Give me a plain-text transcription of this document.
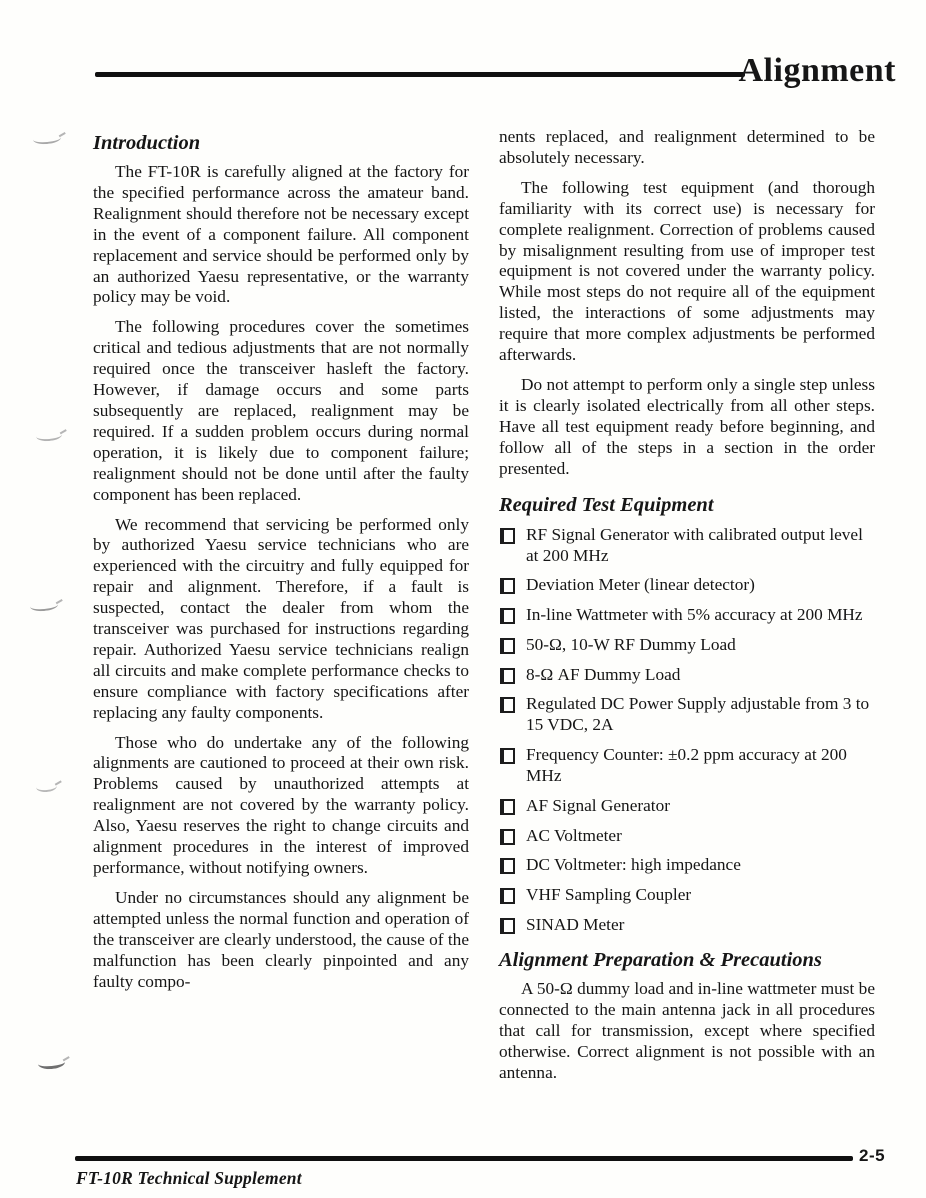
Alignment
Introduction

The FT-10R is carefully aligned at the factory for the specified performance across the amateur band. Realignment should therefore not be necessary except in the event of a component failure. All component replacement and service should be performed only by an authorized Yaesu representative, or the warranty policy may be void.

The following procedures cover the sometimes critical and tedious adjustments that are not normally required once the transceiver hasleft the factory. However, if damage occurs and some parts subsequently are replaced, realignment may be required. If a sudden problem occurs during normal operation, it is likely due to component failure; realignment should not be done until after the faulty component has been replaced.

We recommend that servicing be performed only by authorized Yaesu service technicians who are experienced with the circuitry and fully equipped for repair and alignment. Therefore, if a fault is suspected, contact the dealer from whom the transceiver was purchased for instructions regarding repair. Authorized Yaesu service technicians realign all circuits and make complete performance checks to ensure compliance with factory specifications after replacing any faulty components.

Those who do undertake any of the following alignments are cautioned to proceed at their own risk. Problems caused by unauthorized attempts at realignment are not covered by the warranty policy. Also, Yaesu reserves the right to change circuits and alignment procedures in the interest of improved performance, without notifying owners.

Under no circumstances should any alignment be attempted unless the normal function and operation of the transceiver are clearly understood, the cause of the malfunction has been clearly pinpointed and any faulty compo-

nents replaced, and realignment determined to be absolutely necessary.

The following test equipment (and thorough familiarity with its correct use) is necessary for complete realignment. Correction of problems caused by misalignment resulting from use of improper test equipment is not covered under the warranty policy. While most steps do not require all of the equipment listed, the interactions of some adjustments may require that more complex adjustments be performed afterwards.

Do not attempt to perform only a single step unless it is clearly isolated electrically from all other steps. Have all test equipment ready before beginning, and follow all of the steps in a section in the order presented.

Required Test Equipment
RF Signal Generator with calibrated output level at 200 MHz
Deviation Meter (linear detector)
In-line Wattmeter with 5% accuracy at 200 MHz
50-Ω, 10-W RF Dummy Load
8-Ω AF Dummy Load
Regulated DC Power Supply adjustable from 3 to 15 VDC, 2A
Frequency Counter: ±0.2 ppm accuracy at 200 MHz
AF Signal Generator
AC Voltmeter
DC Voltmeter: high impedance
VHF Sampling Coupler
SINAD Meter
Alignment Preparation & Precautions

A 50-Ω dummy load and in-line wattmeter must be connected to the main antenna jack in all procedures that call for transmission, except where specified otherwise. Correct alignment is not possible with an antenna.

2-5
FT-10R Technical Supplement
